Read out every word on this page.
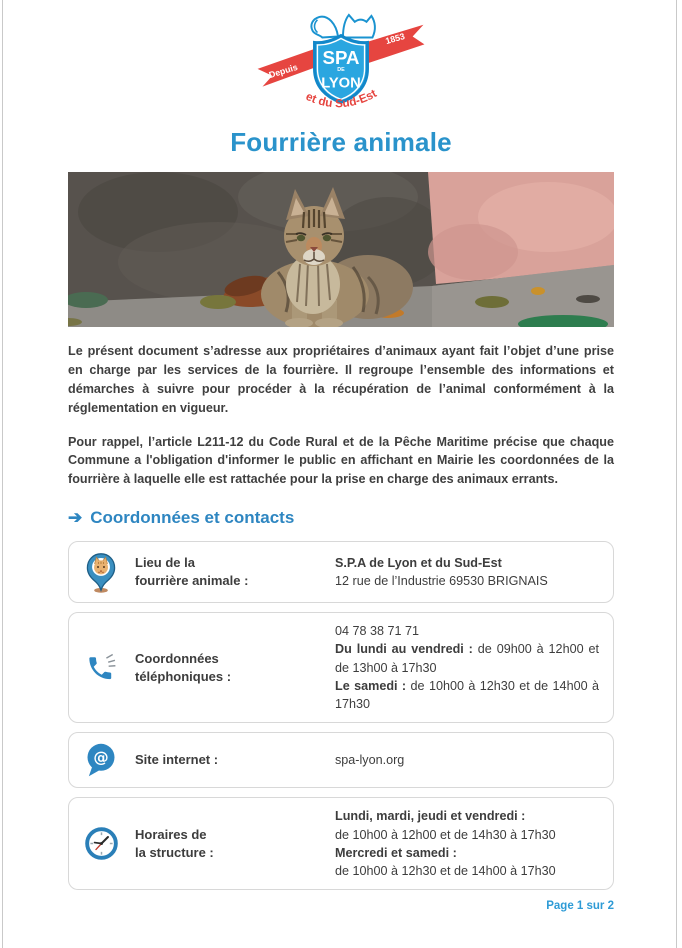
Depuis
1853
SPA
DE
LYON
et du Sud-Est
Fourrière animale

Le présent document s’adresse aux propriétaires d’animaux ayant fait l’objet d’une prise en charge par les services de la fourrière. Il regroupe l’ensemble des informations et démarches à suivre pour procéder à la récupération de l’animal conformément à la réglementation en vigueur.

Pour rappel, l’article L211-12 du Code Rural et de la Pêche Maritime précise que chaque Commune a l'obligation d'informer le public en affichant en Mairie les coordonnées de la fourrière à laquelle elle est rattachée pour la prise en charge des animaux errants.

➔ Coordonnées et contacts
Lieu de la
fourrière animale :
S.P.A de Lyon et du Sud-Est
12 rue de l’Industrie 69530 BRIGNAIS
Coordonnées
téléphoniques :
04 78 38 71 71
Du lundi au vendredi : de 09h00 à 12h00 et de 13h00 à 17h30
Le samedi : de 10h00 à 12h30 et de 14h00 à 17h30
@ Site internet :	spa-lyon.org
Horaires de
la structure :
Lundi, mardi, jeudi et vendredi :
de 10h00 à 12h00 et de 14h30 à 17h30
Mercredi et samedi :
de 10h00 à 12h30 et de 14h00 à 17h30
Page 1 sur 2
